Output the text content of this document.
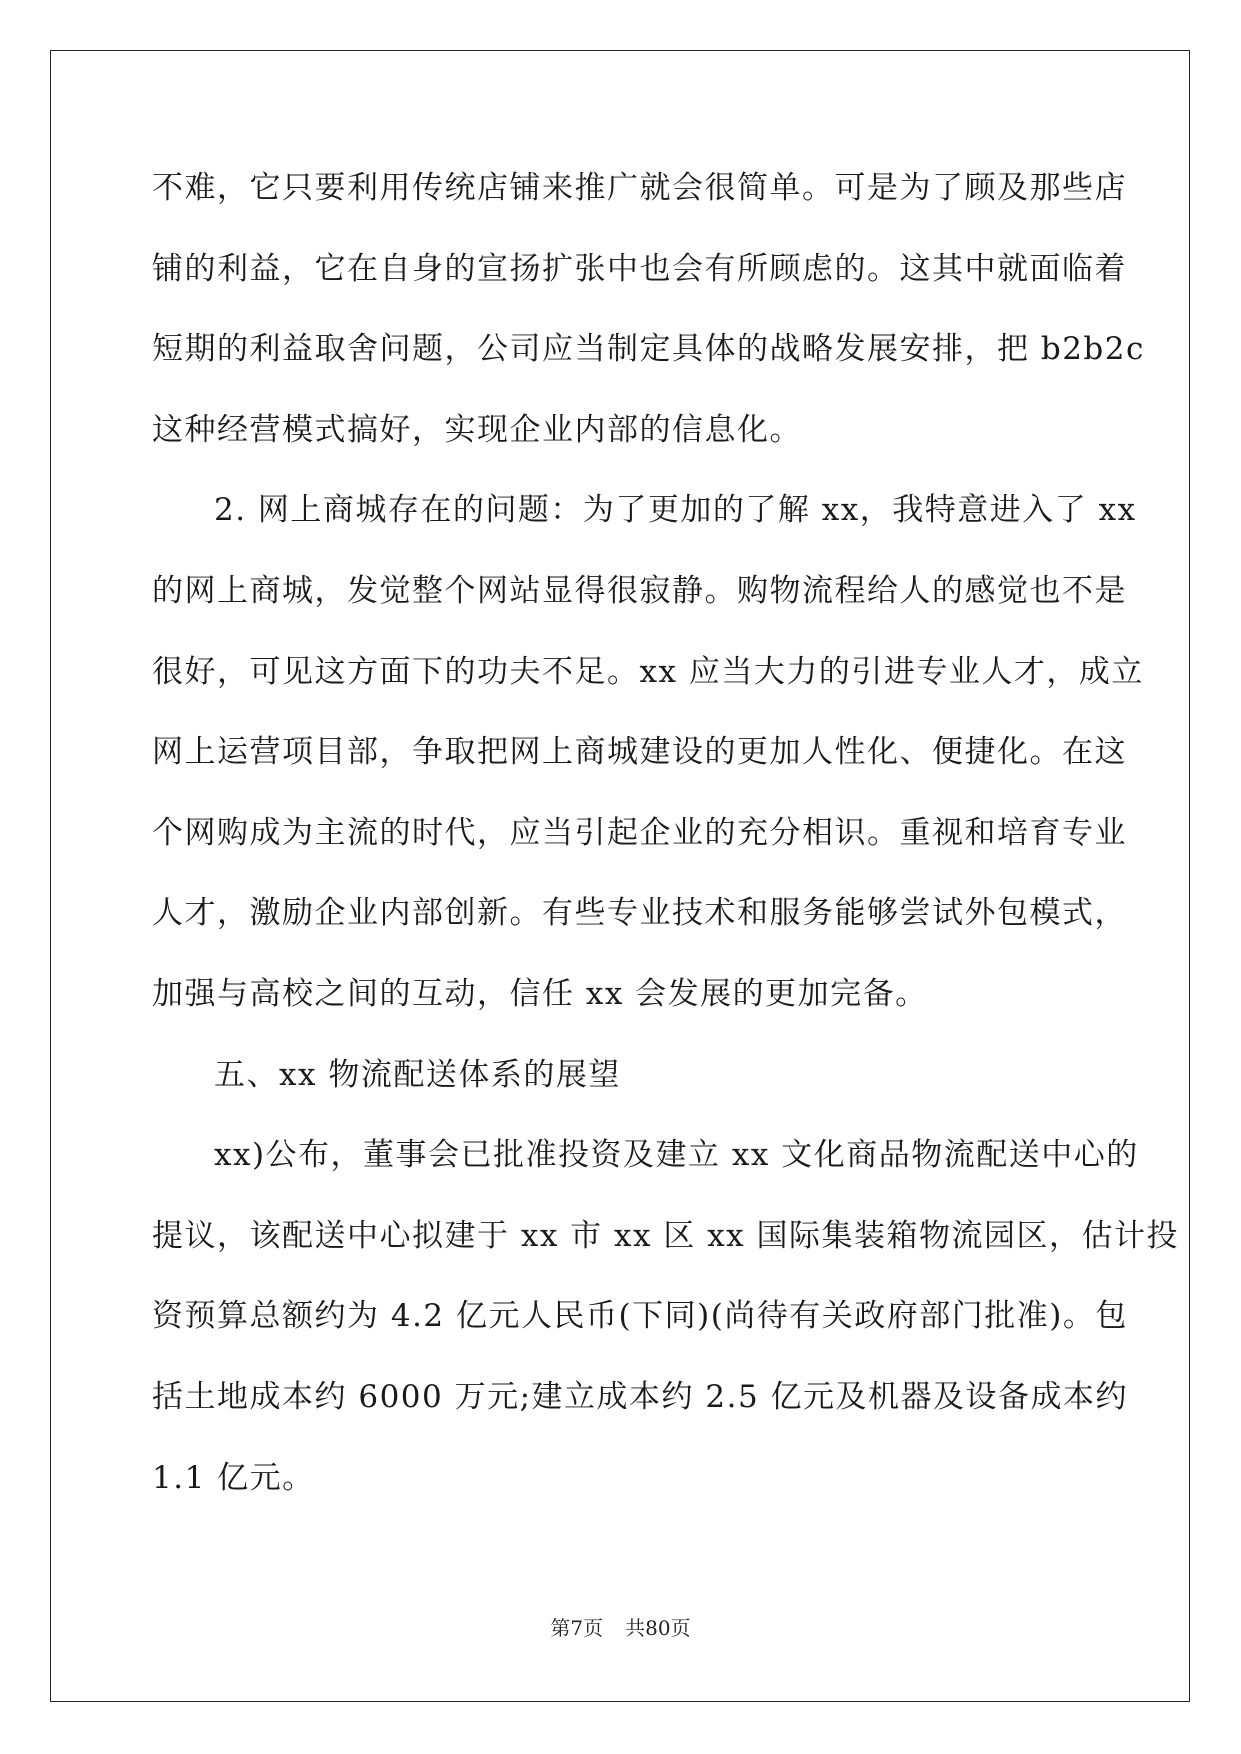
不难，它只要利用传统店铺来推广就会很简单。可是为了顾及那些店
铺的利益，它在自身的宣扬扩张中也会有所顾虑的。这其中就面临着
短期的利益取舍问题，公司应当制定具体的战略发展安排，把 b2b2c
这种经营模式搞好，实现企业内部的信息化。
2. 网上商城存在的问题：为了更加的了解 xx，我特意进入了 xx
的网上商城，发觉整个网站显得很寂静。购物流程给人的感觉也不是
很好，可见这方面下的功夫不足。xx 应当大力的引进专业人才，成立
网上运营项目部，争取把网上商城建设的更加人性化、便捷化。在这
个网购成为主流的时代，应当引起企业的充分相识。重视和培育专业
人才，激励企业内部创新。有些专业技术和服务能够尝试外包模式，
加强与高校之间的互动，信任 xx 会发展的更加完备。
五、xx 物流配送体系的展望
xx)公布，董事会已批准投资及建立 xx 文化商品物流配送中心的
提议，该配送中心拟建于 xx 市 xx 区 xx 国际集装箱物流园区，估计投
资预算总额约为 4.2 亿元人民币(下同)(尚待有关政府部门批准)。包
括土地成本约 6000 万元;建立成本约 2.5 亿元及机器及设备成本约
1.1 亿元。
第7页 共80页
